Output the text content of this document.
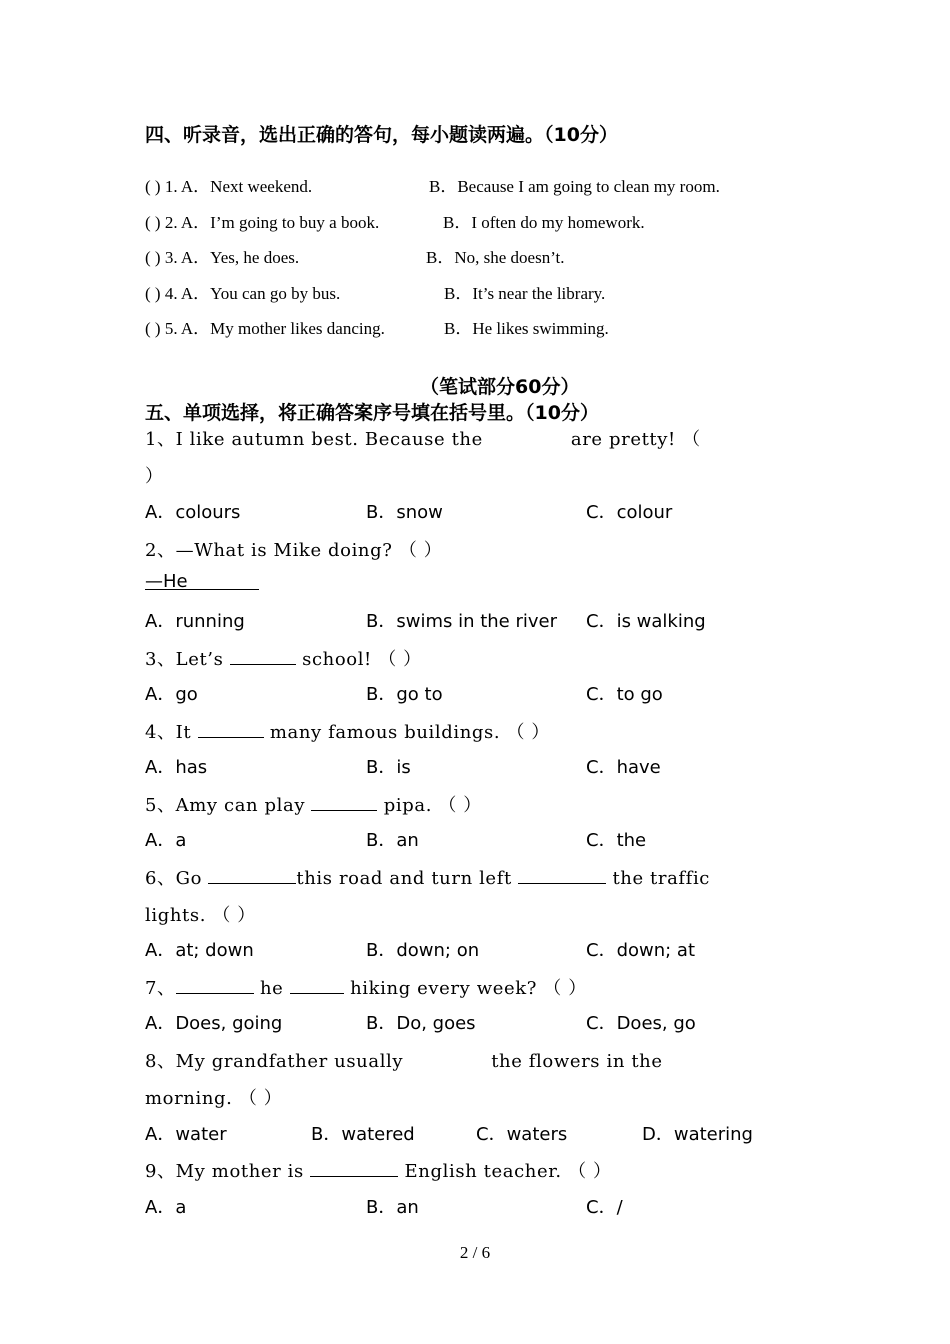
四、听录音，选出正确的答句，每小题读两遍。（10分）
( ) 1. A．Next weekend.	B．Because I am going to clean my room.
( ) 2. A．I’m going to buy a book.	B．I often do my homework.
( ) 3. A．Yes, he does.	B．No, she doesn’t.
( ) 4. A．You can go by bus.	B．It’s near the library.
( ) 5. A．My mother likes dancing.	B．He likes swimming.
（笔试部分60分）
五、单项选择，将正确答案序号填在括号里。（10分）
1、I like autumn best. Because the	are pretty! （
）
A．colours	B．snow	C．colour
2、—What is Mike doing? （ ）
—He
A．running	B．swims in the river C．is walking
3、Let’s	school! （ ）
A．go	B．go to	C．to go
4、It	many famous buildings. （ ）
A．has	B．is	C．have
5、Amy can play	pipa. （ ）
A．a	B．an	C．the
6、Go	this road and turn left	the traffic
lights. （ ）
A．at; down	B．down; on	C．down; at
7、	he	hiking every week? （ ）
A．Does, going	B．Do, goes	C．Does, go
8、My grandfather usually	the flowers in the
morning. （ ）
A．water	B．watered	C．waters	D．watering
9、My mother is	English teacher. （ ）
A．a	B．an	C．/
2 / 6
